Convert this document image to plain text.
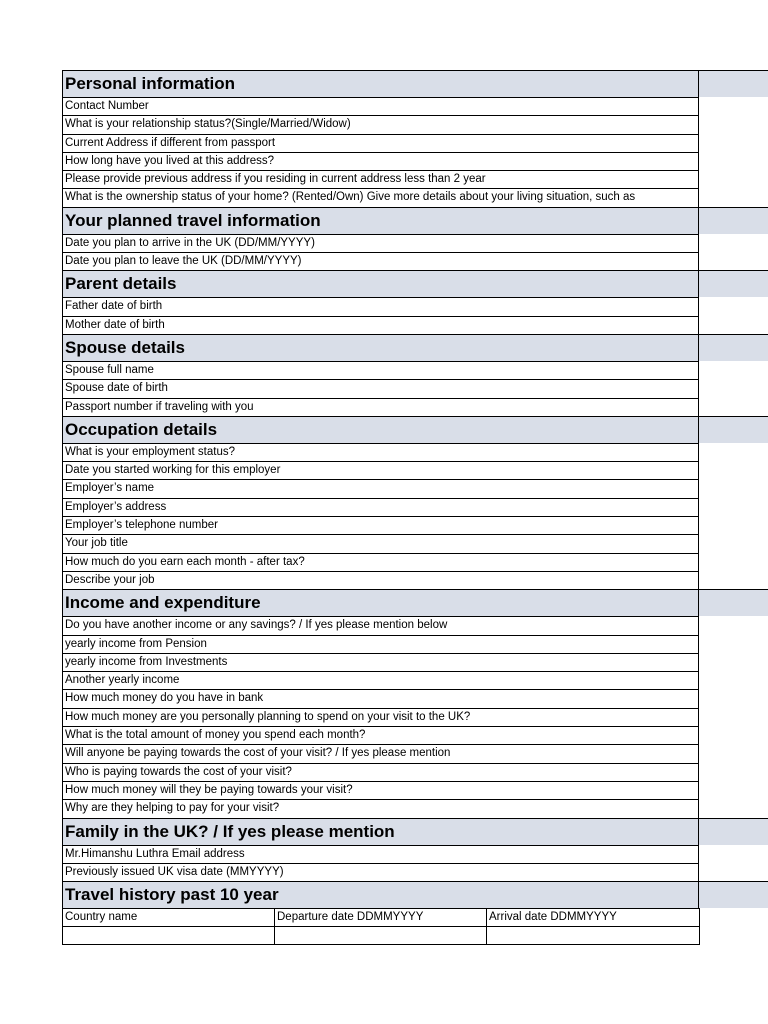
Personal information
Contact Number
What is your relationship status?(Single/Married/Widow)
Current Address if different from passport
How long have you lived at this address?
Please provide previous address if you residing in current address less than 2 year
What is the ownership status of your home? (Rented/Own) Give more details about your living situation, such as
Your planned travel information
Date you plan to arrive in the UK (DD/MM/YYYY)
Date you plan to leave the UK (DD/MM/YYYY)
Parent details
Father date of birth
Mother date of birth
Spouse details
Spouse full name
Spouse date of birth
Passport number if traveling with you
Occupation details
What is your employment status?
Date you started working for this employer
Employer’s name
Employer’s address
Employer’s telephone number
Your job title
How much do you earn each month - after tax?
Describe your job
Income and expenditure
Do you have another income or any savings? / If yes please mention below
yearly income from Pension
yearly income from Investments
Another yearly income
How much money do you have in bank
How much money are you personally planning to spend on your visit to the UK?
What is the total amount of money you spend each month?
Will anyone be paying towards the cost of your visit? / If yes please mention
Who is paying towards the cost of your visit?
How much money will they be paying towards your visit?
Why are they helping to pay for your visit?
Family in the UK? / If yes please mention
Mr.Himanshu Luthra Email address
Previously issued UK visa date (MMYYYY)
Travel history past 10 year
Country name	Departure date DDMMYYYY	Arrival date DDMMYYYY
